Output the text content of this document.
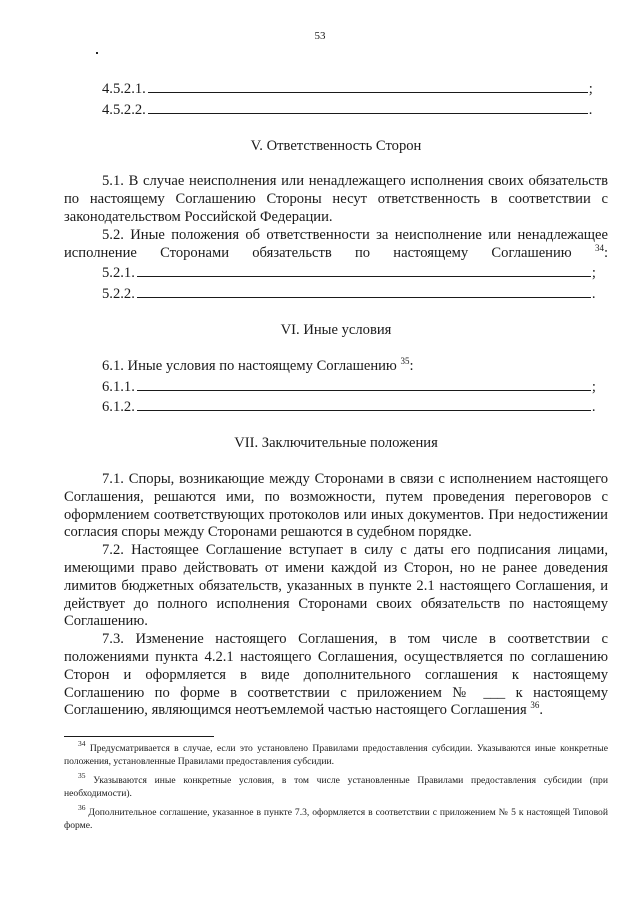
53
4.5.2.1.	;
4.5.2.2.	.
V. Ответственность Сторон

5.1. В случае неисполнения или ненадлежащего исполнения своих обязательств по настоящему Соглашению Стороны несут ответственность в соответствии с законодательством Российской Федерации.

5.2. Иные положения об ответственности за неисполнение или ненадлежащее исполнение Сторонами обязательств по настоящему Соглашению	$^{34}$:

5.2.1.	;
5.2.2.	.
VI. Иные условия

6.1. Иные условия по настоящему Соглашению $^{35}$:

6.1.1.	;
6.1.2.	.
VII. Заключительные положения

7.1. Споры, возникающие между Сторонами в связи с исполнением настоящего Соглашения, решаются ими, по возможности, путем проведения переговоров с оформлением соответствующих протоколов или иных документов. При недостижении согласия споры между Сторонами решаются в судебном порядке.

7.2. Настоящее Соглашение вступает в силу с даты его подписания лицами, имеющими право действовать от имени каждой из Сторон, но не ранее доведения лимитов бюджетных обязательств, указанных в пункте 2.1 настоящего Соглашения, и действует до полного исполнения Сторонами своих обязательств по настоящему Соглашению.

7.3. Изменение настоящего Соглашения, в том числе в соответствии с положениями пункта 4.2.1 настоящего Соглашения, осуществляется по соглашению Сторон и оформляется в виде дополнительного соглашения к настоящему Соглашению по форме в соответствии с приложением № ___ к настоящему Соглашению, являющимся неотъемлемой частью настоящего Соглашения $^{36}$.

$^{34}$ Предусматривается в случае, если это установлено Правилами предоставления субсидии. Указываются иные конкретные положения, установленные Правилами предоставления субсидии.
$^{35}$ Указываются иные конкретные условия, в том числе установленные Правилами предоставления субсидии (при необходимости).
$^{36}$ Дополнительное соглашение, указанное в пункте 7.3, оформляется в соответствии с приложением № 5 к настоящей Типовой форме.
